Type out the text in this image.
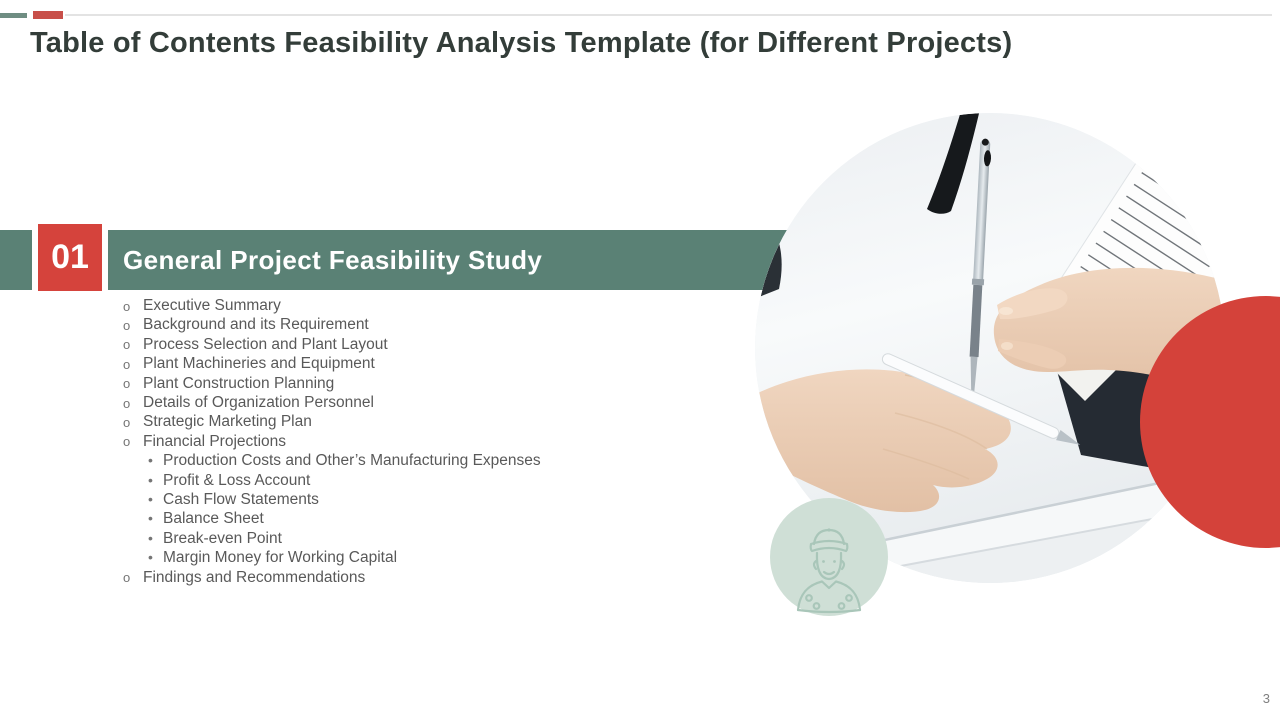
Table of Contents Feasibility Analysis Template (for Different Projects)
General Project Feasibility Study
01
o Executive Summary
o Background and its Requirement
o Process Selection and Plant Layout
o Plant Machineries and Equipment
o Plant Construction Planning
o Details of Organization Personnel
o Strategic Marketing Plan
o Financial Projections
• Production Costs and Other’s Manufacturing Expenses
• Profit & Loss Account
• Cash Flow Statements
• Balance Sheet
• Break-even Point
• Margin Money for Working Capital
o Findings and Recommendations
3
